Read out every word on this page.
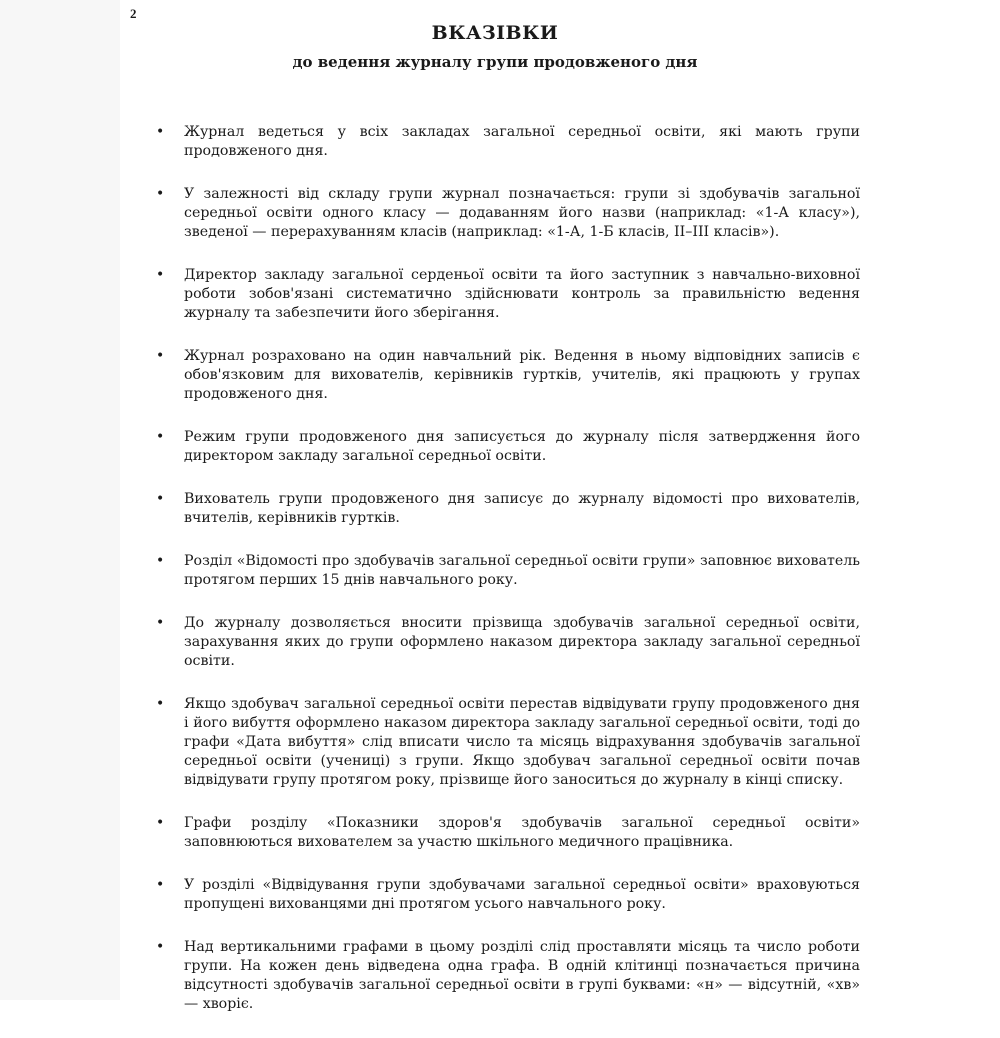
2
ВКАЗІВКИ
до ведення журналу групи продовженого дня
• Журнал ведеться у всіх закладах загальної середньої освіти, які мають групи продовженого дня.
• У залежності від складу групи журнал позначається: групи зі здобувачів загальної середньої освіти одного класу — додаванням його назви (наприклад: «1-А класу»), зведеної — перерахуванням класів (наприклад: «1-А, 1-Б класів, ІІ–ІІІ класів»).
• Директор закладу загальної серденьої освіти та його заступник з навчально-виховної роботи зобов'язані систематично здійснювати контроль за правильністю ведення журналу та забезпечити його зберігання.
• Журнал розраховано на один навчальний рік. Ведення в ньому відповідних записів є обов'язковим для вихователів, керівників гуртків, учителів, які працюють у групах продовженого дня.
• Режим групи продовженого дня записується до журналу після затвердження його директором закладу загальної середньої освіти.
• Вихователь групи продовженого дня записує до журналу відомості про вихователів, вчителів, керівників гуртків.
• Розділ «Відомості про здобувачів загальної середньої освіти групи» заповнює вихователь протягом перших 15 днів навчального року.
• До журналу дозволяється вносити прізвища здобувачів загальної середньої освіти, зарахування яких до групи оформлено наказом директора закладу загальної середньої освіти.
• Якщо здобувач загальної середньої освіти перестав відвідувати групу продовженого дня і його вибуття оформлено наказом директора закладу загальної середньої освіти, тоді до графи «Дата вибуття» слід вписати число та місяць відрахування здобувачів загальної середньої освіти (учениці) з групи. Якщо здобувач загальної середньої освіти почав відвідувати групу протягом року, прізвище його заноситься до журналу в кінці списку.
• Графи розділу «Показники здоров'я здобувачів загальної середньої освіти» заповнюються вихователем за участю шкільного медичного працівника.
• У розділі «Відвідування групи здобувачами загальної середньої освіти» враховуються пропущені вихованцями дні протягом усього навчального року.
• Над вертикальними графами в цьому розділі слід проставляти місяць та число роботи групи. На кожен день відведена одна графа. В одній клітинці позначається причина відсутності здобувачів загальної середньої освіти в групі буквами: «н» — відсутній, «хв» — хворіє.
